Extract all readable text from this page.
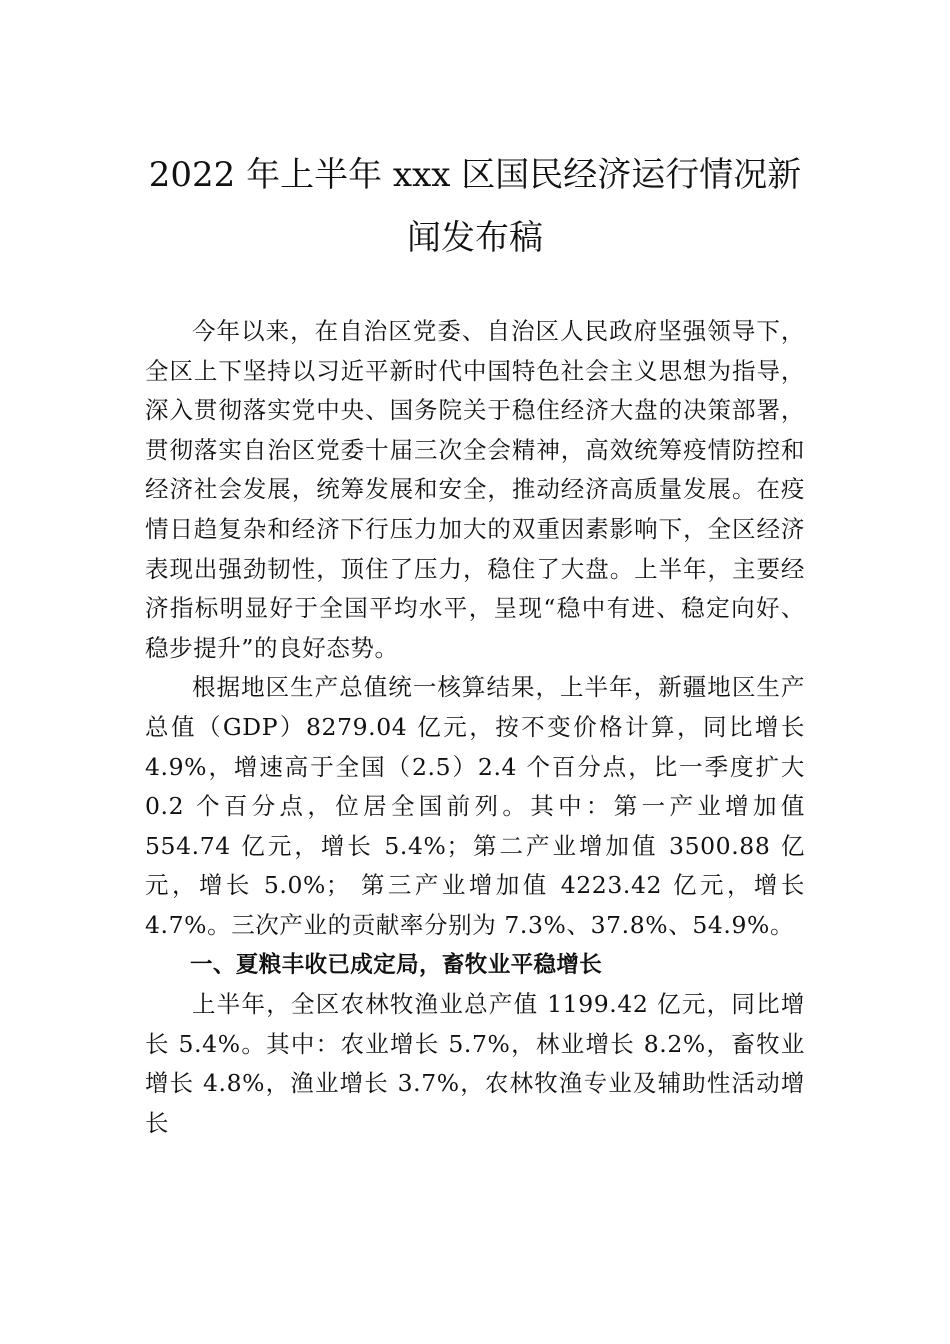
2022 年上半年 xxx 区国民经济运行情况新
闻发布稿

今年以来，在自治区党委、自治区人民政府坚强领导下，全区上下坚持以习近平新时代中国特色社会主义思想为指导，深入贯彻落实党中央、国务院关于稳住经济大盘的决策部署，贯彻落实自治区党委十届三次全会精神，高效统筹疫情防控和经济社会发展，统筹发展和安全，推动经济高质量发展。在疫情日趋复杂和经济下行压力加大的双重因素影响下，全区经济表现出强劲韧性，顶住了压力，稳住了大盘。上半年，主要经济指标明显好于全国平均水平，呈现“稳中有进、稳定向好、稳步提升”的良好态势。

根据地区生产总值统一核算结果，上半年，新疆地区生产总值（GDP）8279.04 亿元，按不变价格计算，同比增长 4.9%，增速高于全国（2.5）2.4 个百分点，比一季度扩大 0.2 个百分点，位居全国前列。其中：第一产业增加值 554.74 亿元，增长 5.4%；第二产业增加值 3500.88 亿元，增长 5.0%； 第三产业增加值 4223.42 亿元，增长 4.7%。三次产业的贡献率分别为 7.3%、37.8%、54.9%。

一、夏粮丰收已成定局，畜牧业平稳增长

上半年，全区农林牧渔业总产值 1199.42 亿元，同比增长 5.4%。其中：农业增长 5.7%，林业增长 8.2%，畜牧业增长 4.8%，渔业增长 3.7%，农林牧渔专业及辅助性活动增长
